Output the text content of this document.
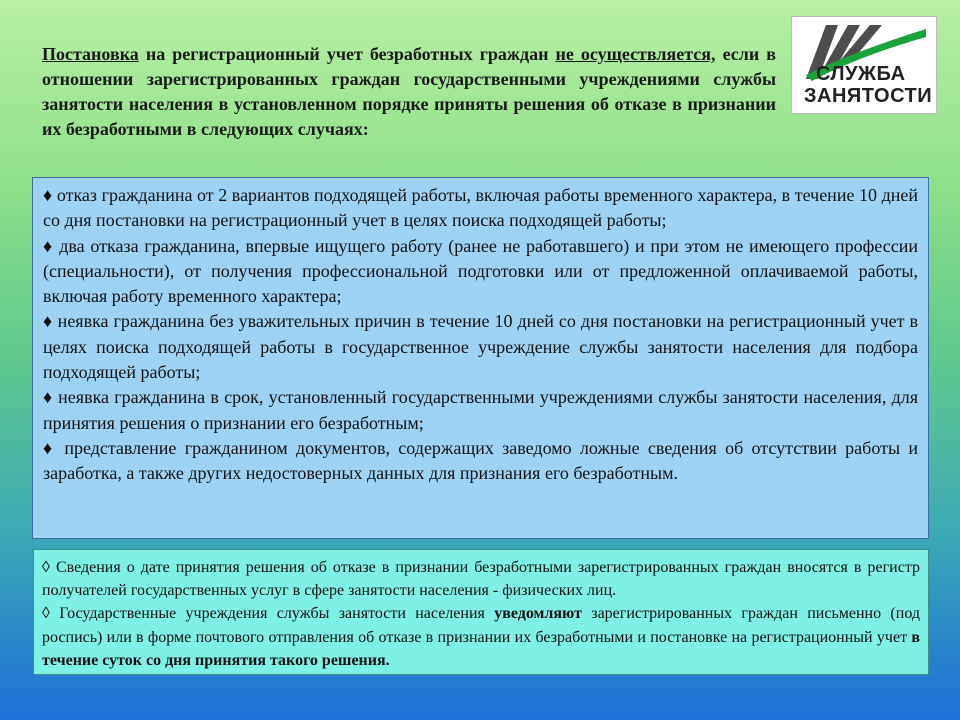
Постановка на регистрационный учет безработных граждан не осуществляется, если в отношении зарегистрированных граждан государственными учреждениями службы занятости населения в установленном порядке приняты решения об отказе в признании их безработными в следующих случаях:
СЛУЖБА
ЗАНЯТОСТИ

♦ отказ гражданина от 2 вариантов подходящей работы, включая работы временного характера, в течение 10 дней со дня постановки на регистрационный учет в целях поиска подходящей работы;

♦ два отказа гражданина, впервые ищущего работу (ранее не работавшего) и при этом не имеющего профессии (специальности), от получения профессиональной подготовки или от предложенной оплачиваемой работы, включая работу временного характера;

♦ неявка гражданина без уважительных причин в течение 10 дней со дня постановки на регистрационный учет в целях поиска подходящей работы в государственное учреждение службы занятости населения для подбора подходящей работы;

♦ неявка гражданина в срок, установленный государственными учреждениями службы занятости населения, для принятия решения о признании его безработным;

♦ представление гражданином документов, содержащих заведомо ложные сведения об отсутствии работы и заработка, а также других недостоверных данных для признания его безработным.

◊ Сведения о дате принятия решения об отказе в признании безработными зарегистрированных граждан вносятся в регистр получателей государственных услуг в сфере занятости населения - физических лиц.

◊ Государственные учреждения службы занятости населения уведомляют зарегистрированных граждан письменно (под роспись) или в форме почтового отправления об отказе в признании их безработными и постановке на регистрационный учет в течение суток со дня принятия такого решения.
